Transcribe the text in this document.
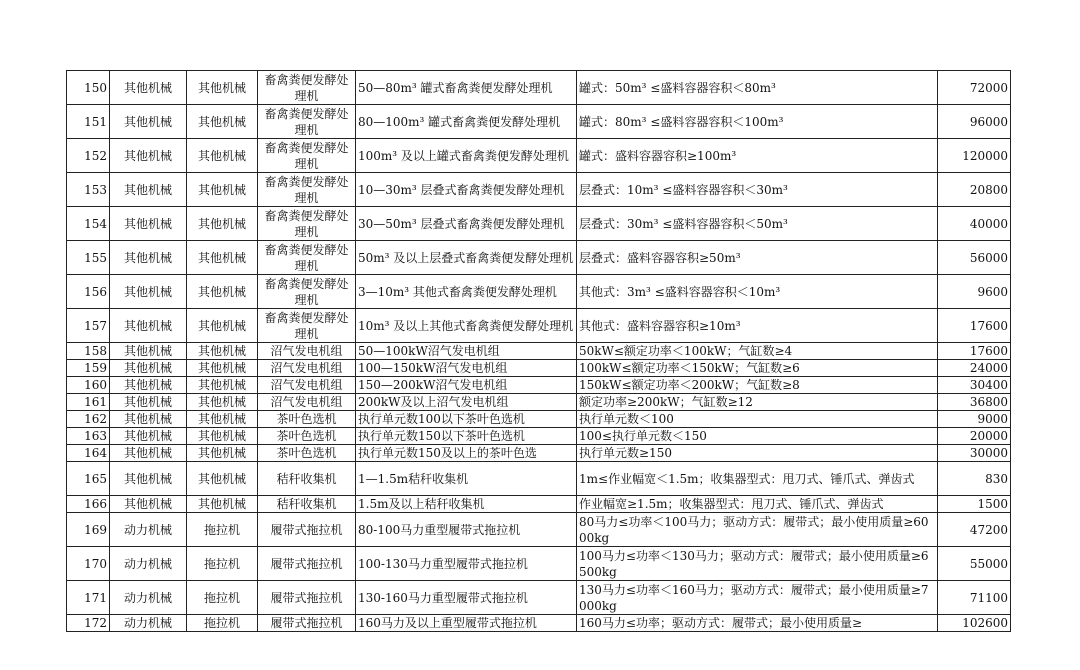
150	其他机械	其他机械	畜禽粪便发酵处理机	50—80m³ 罐式畜禽粪便发酵处理机	罐式：50m³ ≤盛料容器容积＜80m³	72000
151	其他机械	其他机械	畜禽粪便发酵处理机	80—100m³ 罐式畜禽粪便发酵处理机	罐式：80m³ ≤盛料容器容积＜100m³	96000
152	其他机械	其他机械	畜禽粪便发酵处理机	100m³ 及以上罐式畜禽粪便发酵处理机	罐式：盛料容器容积≥100m³	120000
153	其他机械	其他机械	畜禽粪便发酵处理机	10—30m³ 层叠式畜禽粪便发酵处理机	层叠式：10m³ ≤盛料容器容积＜30m³	20800
154	其他机械	其他机械	畜禽粪便发酵处理机	30—50m³ 层叠式畜禽粪便发酵处理机	层叠式：30m³ ≤盛料容器容积＜50m³	40000
155	其他机械	其他机械	畜禽粪便发酵处理机	50m³ 及以上层叠式畜禽粪便发酵处理机	层叠式：盛料容器容积≥50m³	56000
156	其他机械	其他机械	畜禽粪便发酵处理机	3—10m³ 其他式畜禽粪便发酵处理机	其他式：3m³ ≤盛料容器容积＜10m³	9600
157	其他机械	其他机械	畜禽粪便发酵处理机	10m³ 及以上其他式畜禽粪便发酵处理机	其他式：盛料容器容积≥10m³	17600
158	其他机械	其他机械	沼气发电机组	50—100kW沼气发电机组	50kW≤额定功率＜100kW；气缸数≥4	17600
159	其他机械	其他机械	沼气发电机组	100—150kW沼气发电机组	100kW≤额定功率＜150kW；气缸数≥6	24000
160	其他机械	其他机械	沼气发电机组	150—200kW沼气发电机组	150kW≤额定功率＜200kW；气缸数≥8	30400
161	其他机械	其他机械	沼气发电机组	200kW及以上沼气发电机组	额定功率≥200kW；气缸数≥12	36800
162	其他机械	其他机械	茶叶色选机	执行单元数100以下茶叶色选机	执行单元数＜100	9000
163	其他机械	其他机械	茶叶色选机	执行单元数150以下茶叶色选机	100≤执行单元数＜150	20000
164	其他机械	其他机械	茶叶色选机	执行单元数150及以上的茶叶色选	执行单元数≥150	30000
165	其他机械	其他机械	秸秆收集机	1—1.5m秸秆收集机	1m≤作业幅宽＜1.5m；收集器型式：甩刀式、锤爪式、弹齿式	830
166	其他机械	其他机械	秸秆收集机	1.5m及以上秸秆收集机	作业幅宽≥1.5m；收集器型式：甩刀式、锤爪式、弹齿式	1500
169	动力机械	拖拉机	履带式拖拉机	80-100马力重型履带式拖拉机	80马力≤功率＜100马力；驱动方式：履带式；最小使用质量≥6000kg	47200
170	动力机械	拖拉机	履带式拖拉机	100-130马力重型履带式拖拉机	100马力≤功率＜130马力；驱动方式：履带式；最小使用质量≥6500kg	55000
171	动力机械	拖拉机	履带式拖拉机	130-160马力重型履带式拖拉机	130马力≤功率＜160马力；驱动方式：履带式；最小使用质量≥7000kg	71100
172	动力机械	拖拉机	履带式拖拉机	160马力及以上重型履带式拖拉机	160马力≤功率；驱动方式：履带式；最小使用质量≥	102600
